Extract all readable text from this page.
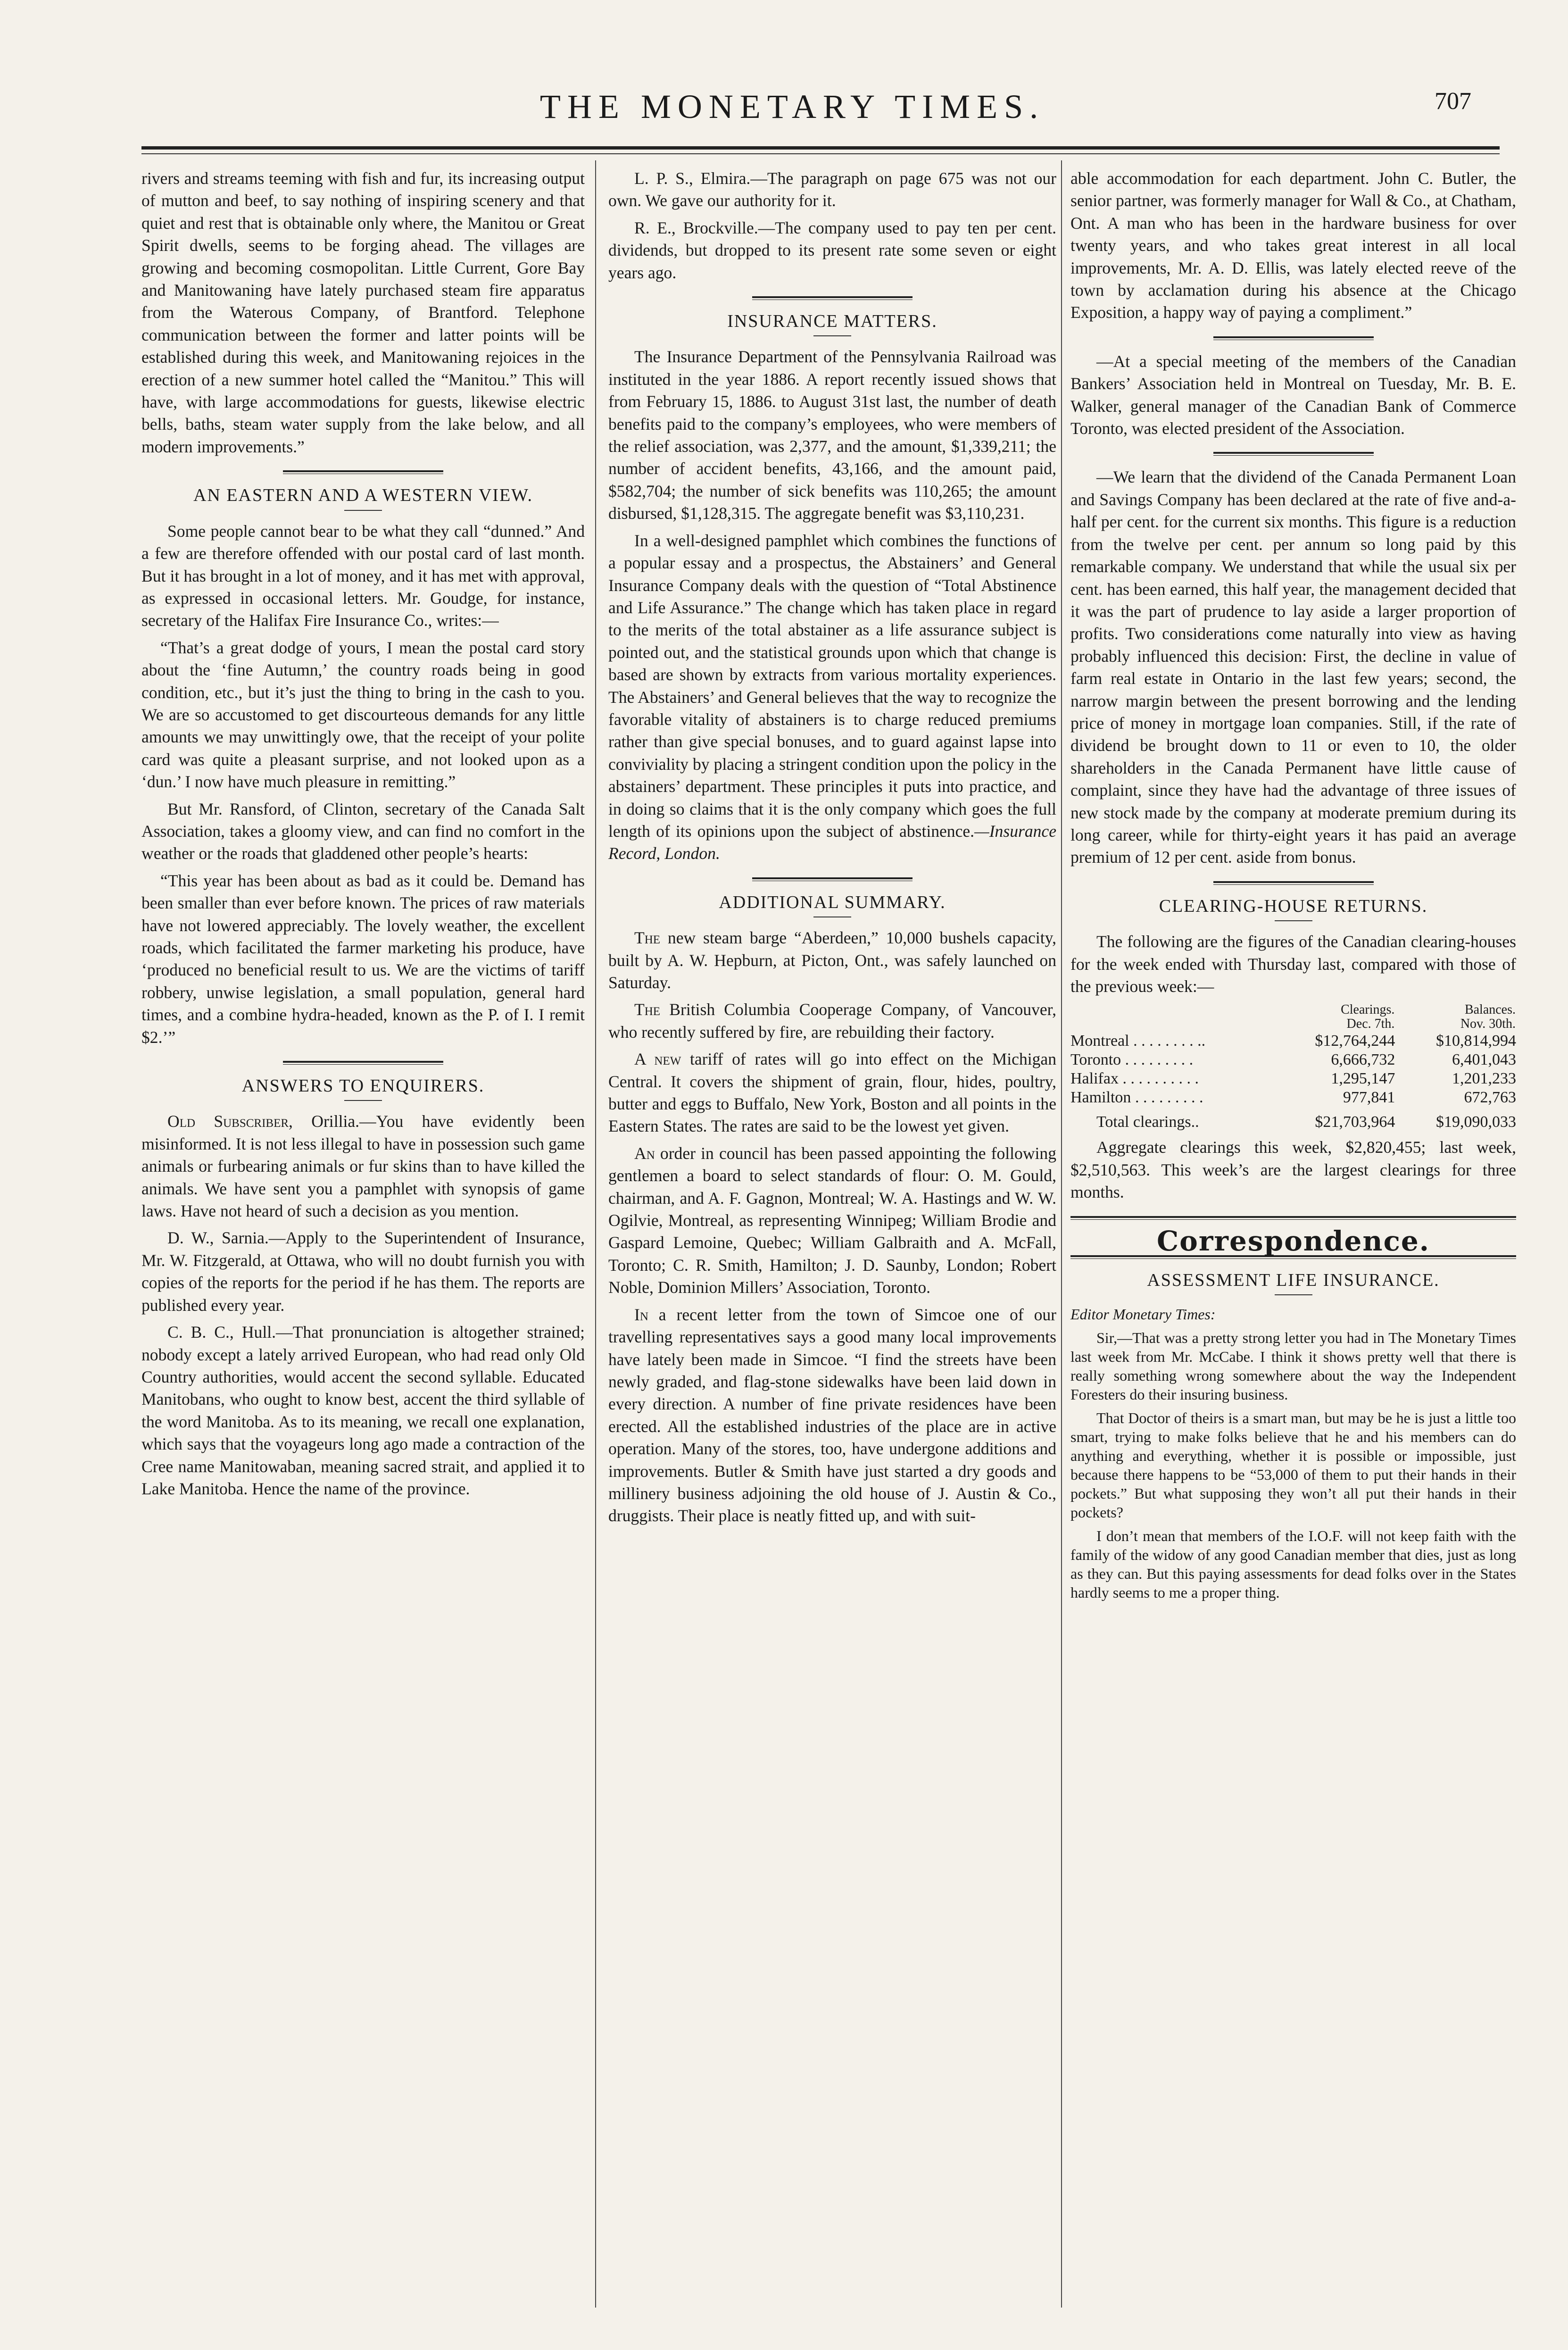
THE MONETARY TIMES.	707

rivers and streams teeming with fish and fur, its increasing output of mutton and beef, to say nothing of inspiring scenery and that quiet and rest that is obtainable only where, the Manitou or Great Spirit dwells, seems to be forging ahead. The villages are growing and becoming cosmopolitan. Little Current, Gore Bay and Manitowaning have lately purchased steam fire apparatus from the Waterous Company, of Brantford. Telephone communication between the former and latter points will be established during this week, and Manitowaning rejoices in the erection of a new summer hotel called the “Manitou.” This will have, with large accommodations for guests, likewise electric bells, baths, steam water supply from the lake below, and all modern improvements.”

AN EASTERN AND A WESTERN VIEW.

Some people cannot bear to be what they call “dunned.” And a few are therefore offended with our postal card of last month. But it has brought in a lot of money, and it has met with approval, as expressed in occasional letters. Mr. Goudge, for instance, secretary of the Halifax Fire Insurance Co., writes:—

“That’s a great dodge of yours, I mean the postal card story about the ‘fine Autumn,’ the country roads being in good condition, etc., but it’s just the thing to bring in the cash to you. We are so accustomed to get discourteous demands for any little amounts we may unwittingly owe, that the receipt of your polite card was quite a pleasant surprise, and not looked upon as a ‘dun.’ I now have much pleasure in remitting.”

But Mr. Ransford, of Clinton, secretary of the Canada Salt Association, takes a gloomy view, and can find no comfort in the weather or the roads that gladdened other people’s hearts:

“This year has been about as bad as it could be. Demand has been smaller than ever before known. The prices of raw materials have not lowered appreciably. The lovely weather, the excellent roads, which facilitated the farmer marketing his produce, have ‘produced no beneficial result to us. We are the victims of tariff robbery, unwise legislation, a small population, general hard times, and a combine hydra-headed, known as the P. of I. I remit $2.’”
ANSWERS TO ENQUIRERS.

Old Subscriber, Orillia.—You have evidently been misinformed. It is not less illegal to have in possession such game animals or furbearing animals or fur skins than to have killed the animals. We have sent you a pamphlet with synopsis of game laws. Have not heard of such a decision as you mention.

D. W., Sarnia.—Apply to the Superintendent of Insurance, Mr. W. Fitzgerald, at Ottawa, who will no doubt furnish you with copies of the reports for the period if he has them. The reports are published every year.

C. B. C., Hull.—That pronunciation is altogether strained; nobody except a lately arrived European, who had read only Old Country authorities, would accent the second syllable. Educated Manitobans, who ought to know best, accent the third syllable of the word Manitoba. As to its meaning, we recall one explanation, which says that the voyageurs long ago made a contraction of the Cree name Manitowaban, meaning sacred strait, and applied it to Lake Manitoba. Hence the name of the province.

L. P. S., Elmira.—The paragraph on page 675 was not our own. We gave our authority for it.

R. E., Brockville.—The company used to pay ten per cent. dividends, but dropped to its present rate some seven or eight years ago.

INSURANCE MATTERS.

The Insurance Department of the Pennsylvania Railroad was instituted in the year 1886. A report recently issued shows that from February 15, 1886. to August 31st last, the number of death benefits paid to the company’s employees, who were members of the relief association, was 2,377, and the amount, $1,339,211; the number of accident benefits, 43,166, and the amount paid, $582,704; the number of sick benefits was 110,265; the amount disbursed, $1,128,315. The aggregate benefit was $3,110,231.

In a well-designed pamphlet which combines the functions of a popular essay and a prospectus, the Abstainers’ and General Insurance Company deals with the question of “Total Abstinence and Life Assurance.” The change which has taken place in regard to the merits of the total abstainer as a life assurance subject is pointed out, and the statistical grounds upon which that change is based are shown by extracts from various mortality experiences. The Abstainers’ and General believes that the way to recognize the favorable vitality of abstainers is to charge reduced premiums rather than give special bonuses, and to guard against lapse into conviviality by placing a stringent condition upon the policy in the abstainers’ department. These principles it puts into practice, and in doing so claims that it is the only company which goes the full length of its opinions upon the subject of abstinence.—Insurance Record, London.

ADDITIONAL SUMMARY.

The new steam barge “Aberdeen,” 10,000 bushels capacity, built by A. W. Hepburn, at Picton, Ont., was safely launched on Saturday.

The British Columbia Cooperage Company, of Vancouver, who recently suffered by fire, are rebuilding their factory.

A new tariff of rates will go into effect on the Michigan Central. It covers the shipment of grain, flour, hides, poultry, butter and eggs to Buffalo, New York, Boston and all points in the Eastern States. The rates are said to be the lowest yet given.

An order in council has been passed appointing the following gentlemen a board to select standards of flour: O. M. Gould, chairman, and A. F. Gagnon, Montreal; W. A. Hastings and W. W. Ogilvie, Montreal, as representing Winnipeg; William Brodie and Gaspard Lemoine, Quebec; William Galbraith and A. McFall, Toronto; C. R. Smith, Hamilton; J. D. Saunby, London; Robert Noble, Dominion Millers’ Association, Toronto.

In a recent letter from the town of Simcoe one of our travelling representatives says a good many local improvements have lately been made in Simcoe. “I find the streets have been newly graded, and flag-stone sidewalks have been laid down in every direction. A number of fine private residences have been erected. All the established industries of the place are in active operation. Many of the stores, too, have undergone additions and improvements. Butler & Smith have just started a dry goods and millinery business adjoining the old house of J. Austin & Co., druggists. Their place is neatly fitted up, and with suit-

able accommodation for each department. John C. Butler, the senior partner, was formerly manager for Wall & Co., at Chatham, Ont. A man who has been in the hardware business for over twenty years, and who takes great interest in all local improvements, Mr. A. D. Ellis, was lately elected reeve of the town by acclamation during his absence at the Chicago Exposition, a happy way of paying a compliment.”

—At a special meeting of the members of the Canadian Bankers’ Association held in Montreal on Tuesday, Mr. B. E. Walker, general manager of the Canadian Bank of Commerce Toronto, was elected president of the Association.

—We learn that the dividend of the Canada Permanent Loan and Savings Company has been declared at the rate of five and-a-half per cent. for the current six months. This figure is a reduction from the twelve per cent. per annum so long paid by this remarkable company. We understand that while the usual six per cent. has been earned, this half year, the management decided that it was the part of prudence to lay aside a larger proportion of profits. Two considerations come naturally into view as having probably influenced this decision: First, the decline in value of farm real estate in Ontario in the last few years; second, the narrow margin between the present borrowing and the lending price of money in mortgage loan companies. Still, if the rate of dividend be brought down to 11 or even to 10, the older shareholders in the Canada Permanent have little cause of complaint, since they have had the advantage of three issues of new stock made by the company at moderate premium during its long career, while for thirty-eight years it has paid an average premium of 12 per cent. aside from bonus.

CLEARING-HOUSE RETURNS.

The following are the figures of the Canadian clearing-houses for the week ended with Thursday last, compared with those of the previous week:—

	Clearings.
Dec. 7th.	Balances.
Nov. 30th.
Montreal . . . . . . . . ..	$12,764,244	$10,814,994
Toronto . . . . . . . . .	6,666,732	6,401,043
Halifax . . . . . . . . . .	1,295,147	1,201,233
Hamilton . . . . . . . . .	977,841	672,763
Total clearings..	$21,703,964	$19,090,033

Aggregate clearings this week, $2,820,455; last week, $2,510,563. This week’s are the largest clearings for three months.

Correspondence.
ASSESSMENT LIFE INSURANCE.

Editor Monetary Times:

Sir,—That was a pretty strong letter you had in The Monetary Times last week from Mr. McCabe. I think it shows pretty well that there is really something wrong somewhere about the way the Independent Foresters do their insuring business.

That Doctor of theirs is a smart man, but may be he is just a little too smart, trying to make folks believe that he and his members can do anything and everything, whether it is possible or impossible, just because there happens to be “53,000 of them to put their hands in their pockets.” But what supposing they won’t all put their hands in their pockets?

I don’t mean that members of the I.O.F. will not keep faith with the family of the widow of any good Canadian member that dies, just as long as they can. But this paying assessments for dead folks over in the States hardly seems to me a proper thing.
